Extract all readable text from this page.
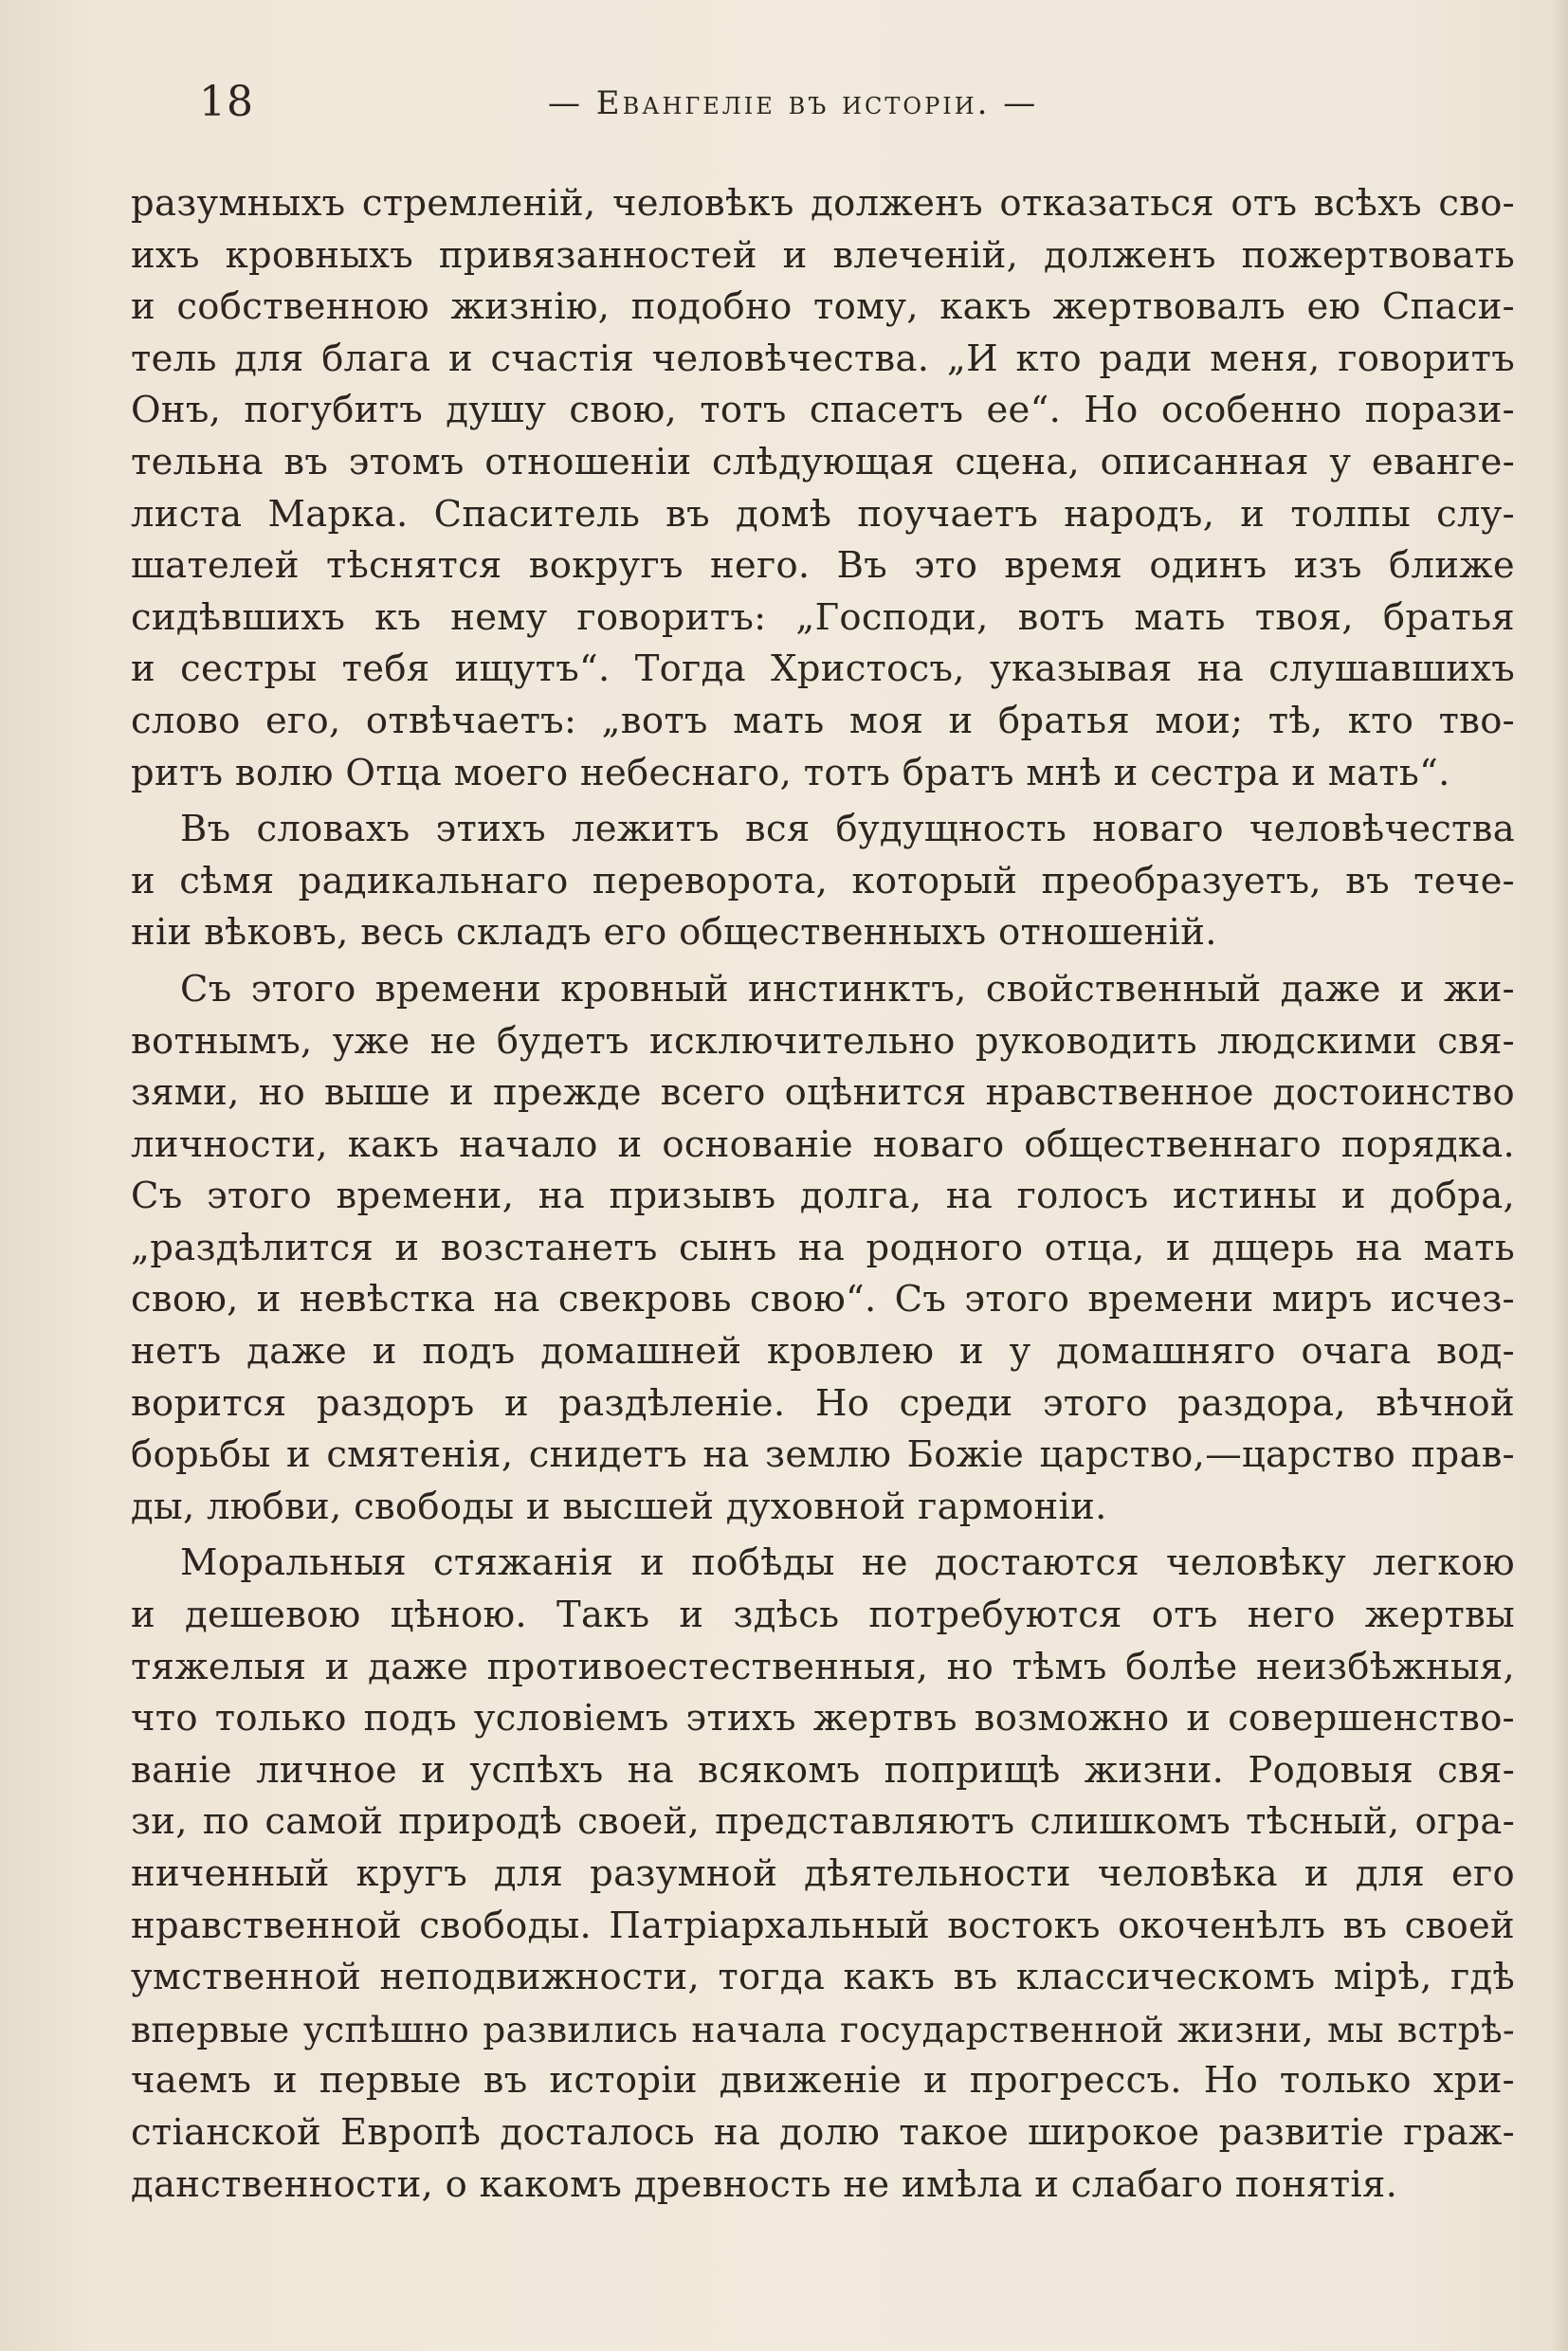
18	— Евангеліе въ исторіи. —
разумныхъ стремленій, человѣкъ долженъ отказаться отъ всѣхъ сво-
ихъ кровныхъ привязанностей и влеченій, долженъ пожертвовать
и собственною жизнію, подобно тому, какъ жертвовалъ ею Спаси-
тель для блага и счастія человѣчества. „И кто ради меня, говоритъ
Онъ, погубитъ душу свою, тотъ спасетъ ее“. Но особенно порази-
тельна въ этомъ отношеніи слѣдующая сцена, описанная у еванге-
листа Марка. Спаситель въ домѣ поучаетъ народъ, и толпы слу-
шателей тѣснятся вокругъ него. Въ это время одинъ изъ ближе
сидѣвшихъ къ нему говоритъ: „Господи, вотъ мать твоя, братья
и сестры тебя ищутъ“. Тогда Христосъ, указывая на слушавшихъ
слово его, отвѣчаетъ: „вотъ мать моя и братья мои; тѣ, кто тво-
ритъ волю Отца моего небеснаго, тотъ братъ мнѣ и сестра и мать“.
Въ словахъ этихъ лежитъ вся будущность новаго человѣчества
и сѣмя радикальнаго переворота, который преобразуетъ, въ тече-
ніи вѣковъ, весь складъ его общественныхъ отношеній.
Съ этого времени кровный инстинктъ, свойственный даже и жи-
вотнымъ, уже не будетъ исключительно руководить людскими свя-
зями, но выше и прежде всего оцѣнится нравственное достоинство
личности, какъ начало и основаніе новаго общественнаго порядка.
Съ этого времени, на призывъ долга, на голосъ истины и добра,
„раздѣлится и возстанетъ сынъ на родного отца, и дщерь на мать
свою, и невѣстка на свекровь свою“. Съ этого времени миръ исчез-
нетъ даже и подъ домашней кровлею и у домашняго очага вод-
ворится раздоръ и раздѣленіе. Но среди этого раздора, вѣчной
борьбы и смятенія, снидетъ на землю Божіе царство,—царство прав-
ды, любви, свободы и высшей духовной гармоніи.
Моральныя стяжанія и побѣды не достаются человѣку легкою
и дешевою цѣною. Такъ и здѣсь потребуются отъ него жертвы
тяжелыя и даже противоестественныя, но тѣмъ болѣе неизбѣжныя,
что только подъ условіемъ этихъ жертвъ возможно и совершенство-
ваніе личное и успѣхъ на всякомъ поприщѣ жизни. Родовыя свя-
зи, по самой природѣ своей, представляютъ слишкомъ тѣсный, огра-
ниченный кругъ для разумной дѣятельности человѣка и для его
нравственной свободы. Патріархальный востокъ окоченѣлъ въ своей
умственной неподвижности, тогда какъ въ классическомъ мірѣ, гдѣ
впервые успѣшно развились начала государственной жизни, мы встрѣ-
чаемъ и первые въ исторіи движеніе и прогрессъ. Но только хри-
стіанской Европѣ досталось на долю такое широкое развитіе граж-
данственности, о какомъ древность не имѣла и слабаго понятія.
